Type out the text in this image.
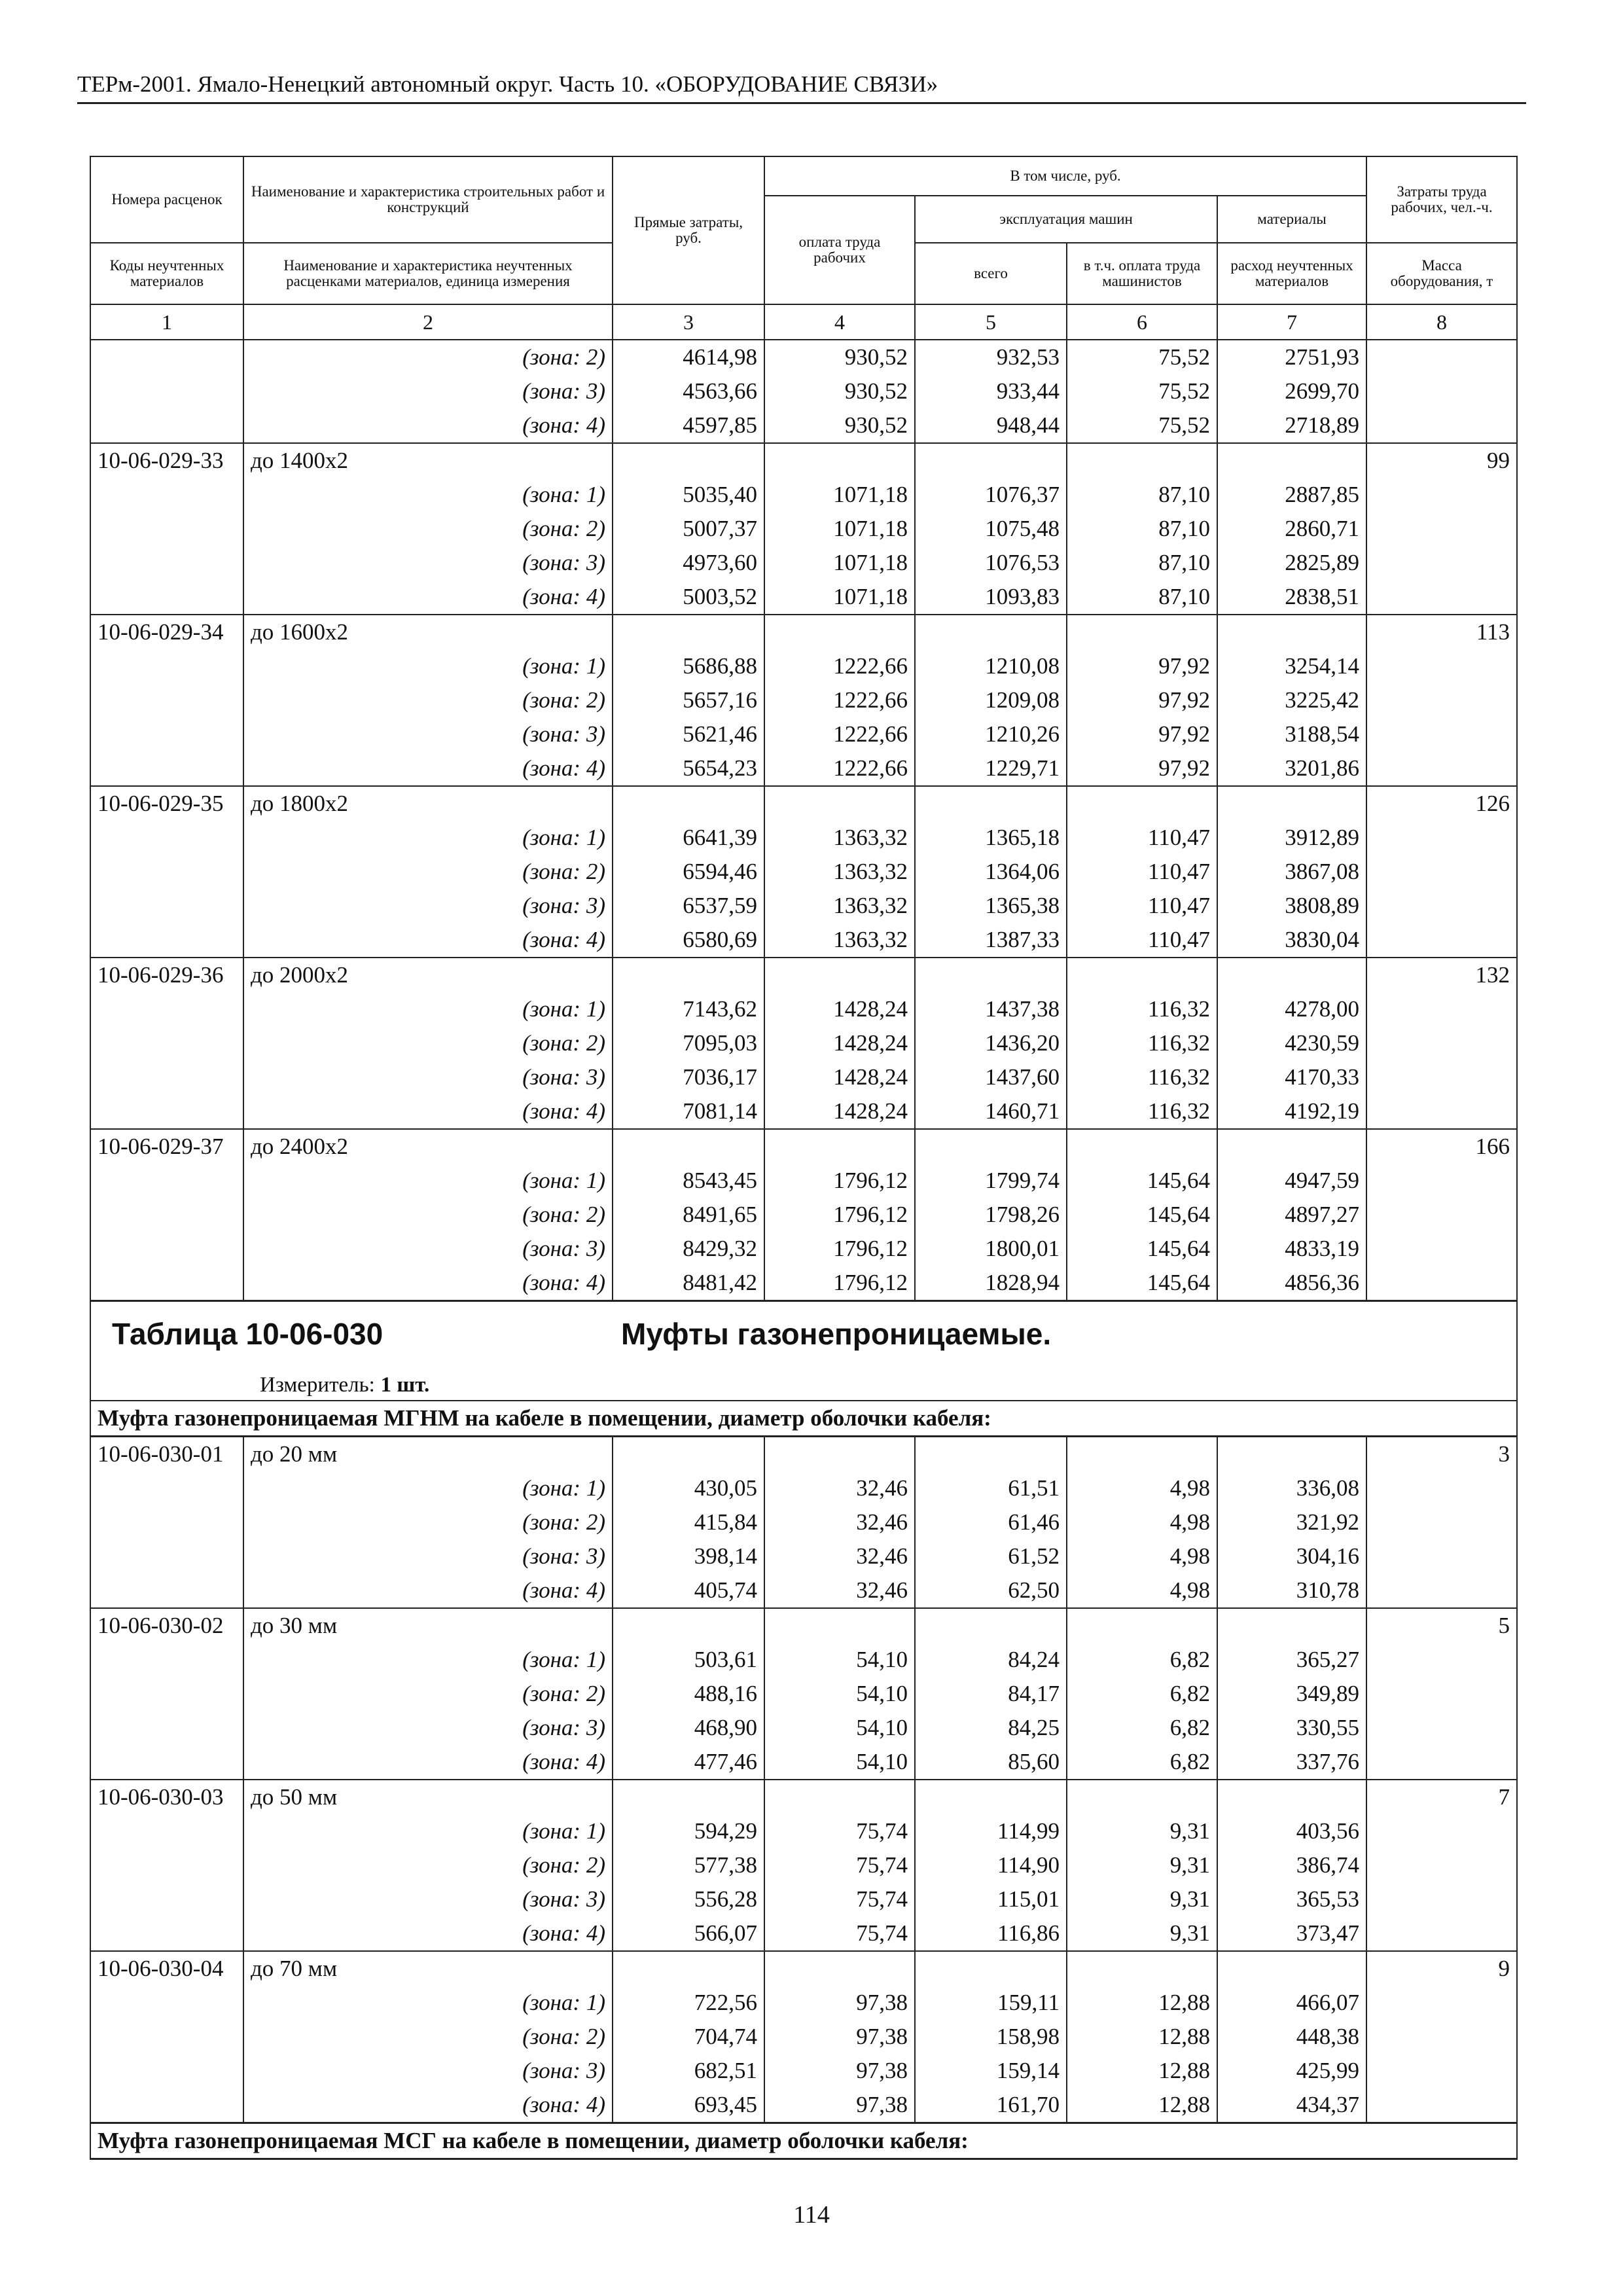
ТЕРм-2001. Ямало-Ненецкий автономный округ. Часть 10. «ОБОРУДОВАНИЕ СВЯЗИ»
Номера расценок	Наименование и характеристика строительных работ и конструкций	Прямые затраты, руб.	В том числе, руб.				Затраты труда рабочих, чел.-ч.
			оплата труда рабочих	эксплуатация машин		материалы	
Коды неучтенных материалов	Наименование и характеристика неучтенных расценками материалов, единица измерения			всего	в т.ч. оплата труда машинистов	расход неучтенных материалов	Масса оборудования, т
1	2	3	4	5	6	7	8
	(зона: 2)	4614,98	930,52	932,53	75,52	2751,93	
	(зона: 3)	4563,66	930,52	933,44	75,52	2699,70	
	(зона: 4)	4597,85	930,52	948,44	75,52	2718,89	
10-06-029-33	до 1400х2						99
	(зона: 1)	5035,40	1071,18	1076,37	87,10	2887,85	
	(зона: 2)	5007,37	1071,18	1075,48	87,10	2860,71	
	(зона: 3)	4973,60	1071,18	1076,53	87,10	2825,89	
	(зона: 4)	5003,52	1071,18	1093,83	87,10	2838,51	
10-06-029-34	до 1600х2						113
	(зона: 1)	5686,88	1222,66	1210,08	97,92	3254,14	
	(зона: 2)	5657,16	1222,66	1209,08	97,92	3225,42	
	(зона: 3)	5621,46	1222,66	1210,26	97,92	3188,54	
	(зона: 4)	5654,23	1222,66	1229,71	97,92	3201,86	
10-06-029-35	до 1800х2						126
	(зона: 1)	6641,39	1363,32	1365,18	110,47	3912,89	
	(зона: 2)	6594,46	1363,32	1364,06	110,47	3867,08	
	(зона: 3)	6537,59	1363,32	1365,38	110,47	3808,89	
	(зона: 4)	6580,69	1363,32	1387,33	110,47	3830,04	
10-06-029-36	до 2000х2						132
	(зона: 1)	7143,62	1428,24	1437,38	116,32	4278,00	
	(зона: 2)	7095,03	1428,24	1436,20	116,32	4230,59	
	(зона: 3)	7036,17	1428,24	1437,60	116,32	4170,33	
	(зона: 4)	7081,14	1428,24	1460,71	116,32	4192,19	
10-06-029-37	до 2400х2						166
	(зона: 1)	8543,45	1796,12	1799,74	145,64	4947,59	
	(зона: 2)	8491,65	1796,12	1798,26	145,64	4897,27	
	(зона: 3)	8429,32	1796,12	1800,01	145,64	4833,19	
	(зона: 4)	8481,42	1796,12	1828,94	145,64	4856,36	
Таблица 10-06-030 Муфты газонепроницаемые.							
Измеритель: 1 шт.							
Муфта газонепроницаемая МГНМ на кабеле в помещении, диаметр оболочки кабеля:							
10-06-030-01	до 20 мм						3
	(зона: 1)	430,05	32,46	61,51	4,98	336,08	
	(зона: 2)	415,84	32,46	61,46	4,98	321,92	
	(зона: 3)	398,14	32,46	61,52	4,98	304,16	
	(зона: 4)	405,74	32,46	62,50	4,98	310,78	
10-06-030-02	до 30 мм						5
	(зона: 1)	503,61	54,10	84,24	6,82	365,27	
	(зона: 2)	488,16	54,10	84,17	6,82	349,89	
	(зона: 3)	468,90	54,10	84,25	6,82	330,55	
	(зона: 4)	477,46	54,10	85,60	6,82	337,76	
10-06-030-03	до 50 мм						7
	(зона: 1)	594,29	75,74	114,99	9,31	403,56	
	(зона: 2)	577,38	75,74	114,90	9,31	386,74	
	(зона: 3)	556,28	75,74	115,01	9,31	365,53	
	(зона: 4)	566,07	75,74	116,86	9,31	373,47	
10-06-030-04	до 70 мм						9
	(зона: 1)	722,56	97,38	159,11	12,88	466,07	
	(зона: 2)	704,74	97,38	158,98	12,88	448,38	
	(зона: 3)	682,51	97,38	159,14	12,88	425,99	
	(зона: 4)	693,45	97,38	161,70	12,88	434,37	
Муфта газонепроницаемая МСГ на кабеле в помещении, диаметр оболочки кабеля:							
114
